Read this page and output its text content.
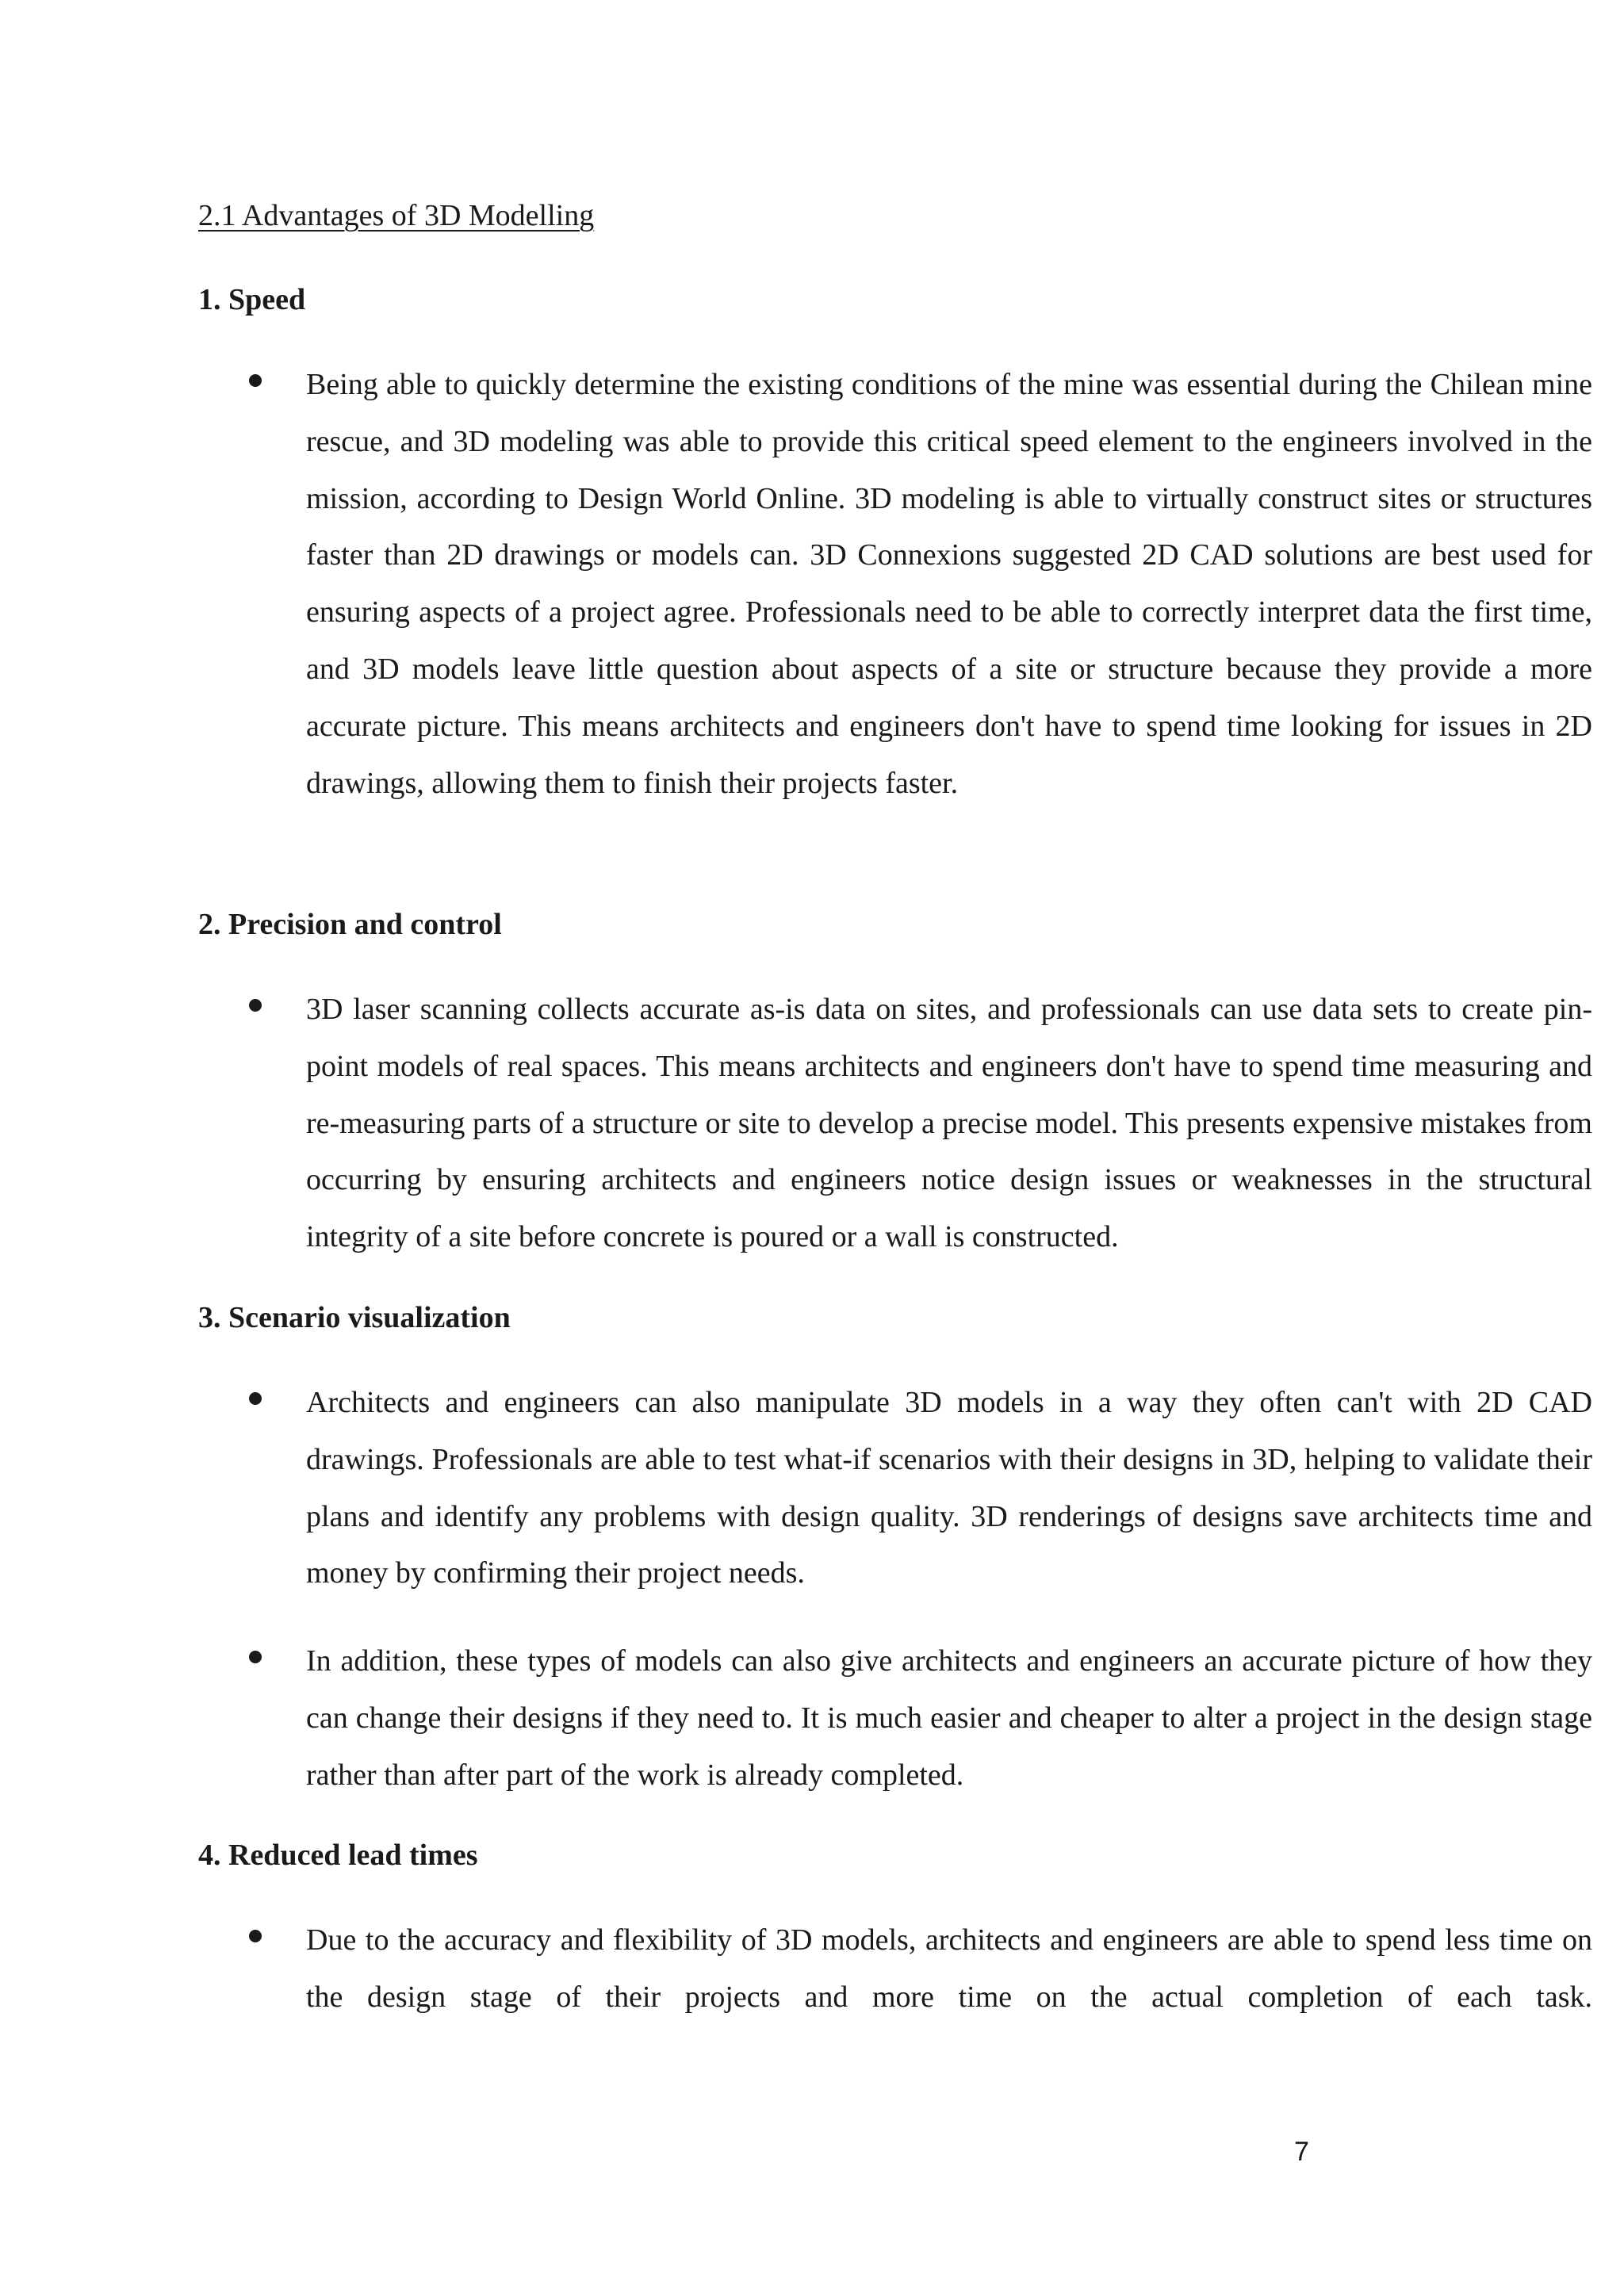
2.1 Advantages of 3D Modelling
1. Speed
Being able to quickly determine the existing conditions of the mine was essential during the Chilean mine rescue, and 3D modeling was able to provide this critical speed element to the engineers involved in the mission, according to Design World Online. 3D modeling is able to virtually construct sites or structures faster than 2D drawings or models can. 3D Connexions suggested 2D CAD solutions are best used for ensuring aspects of a project agree. Professionals need to be able to correctly interpret data the first time, and 3D models leave little question about aspects of a site or structure because they provide a more accurate picture. This means architects and engineers don't have to spend time looking for issues in 2D drawings, allowing them to finish their projects faster.
2. Precision and control
3D laser scanning collects accurate as-is data on sites, and professionals can use data sets to create pin-point models of real spaces. This means architects and engineers don't have to spend time measuring and re-measuring parts of a structure or site to develop a precise model. This presents expensive mistakes from occurring by ensuring architects and engineers notice design issues or weaknesses in the structural integrity of a site before concrete is poured or a wall is constructed.
3. Scenario visualization
Architects and engineers can also manipulate 3D models in a way they often can't with 2D CAD drawings. Professionals are able to test what-if scenarios with their designs in 3D, helping to validate their plans and identify any problems with design quality. 3D renderings of designs save architects time and money by confirming their project needs.
In addition, these types of models can also give architects and engineers an accurate picture of how they can change their designs if they need to. It is much easier and cheaper to alter a project in the design stage rather than after part of the work is already completed.
4. Reduced lead times
Due to the accuracy and flexibility of 3D models, architects and engineers are able to spend less time on the design stage of their projects and more time on the actual completion of each task.
7
